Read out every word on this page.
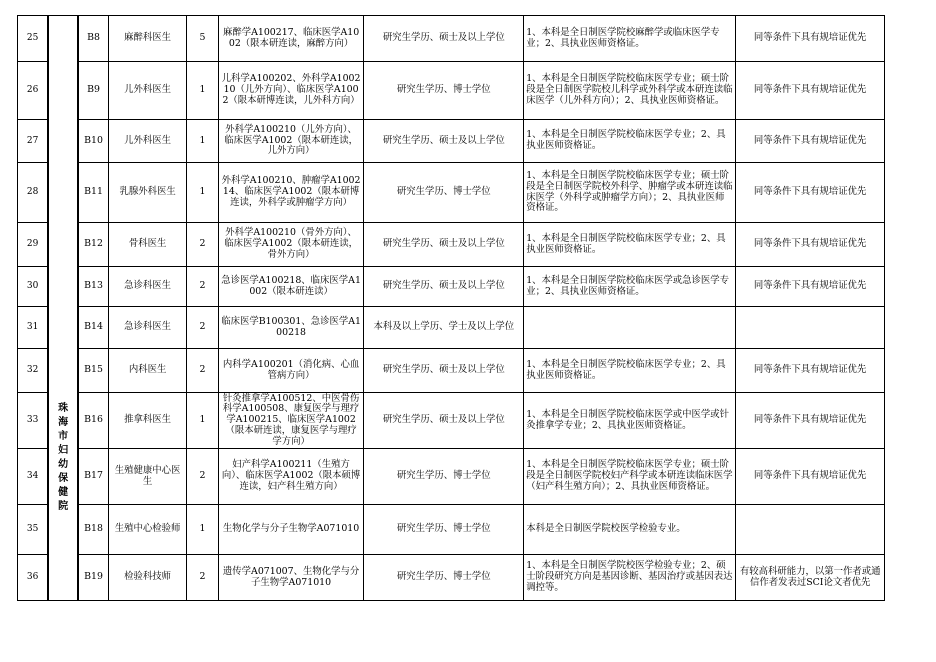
25	珠海市妇幼保健院	B8	麻醉科医生	5	麻醉学A100217、临床医学A1002（限本研连读，麻醉方向）	研究生学历、硕士及以上学位	1、本科是全日制医学院校麻醉学或临床医学专业；2、具执业医师资格证。	同等条件下具有规培证优先
26		B9	儿外科医生	1	儿科学A100202、外科学A100210（儿外方向）、临床医学A1002（限本研博连读，儿外科方向）	研究生学历、博士学位	1、本科是全日制医学院校临床医学专业；硕士阶段是全日制医学院校儿科学或外科学或本研连读临床医学（儿外科方向）；2、具执业医师资格证。	同等条件下具有规培证优先
27		B10	儿外科医生	1	外科学A100210（儿外方向）、临床医学A1002（限本研连读，儿外方向）	研究生学历、硕士及以上学位	1、本科是全日制医学院校临床医学专业；2、具执业医师资格证。	同等条件下具有规培证优先
28		B11	乳腺外科医生	1	外科学A100210、肿瘤学A100214、临床医学A1002（限本研博连读，外科学或肿瘤学方向）	研究生学历、博士学位	1、本科是全日制医学院校临床医学专业；硕士阶段是全日制医学院校外科学、肿瘤学或本研连读临床医学（外科学或肿瘤学方向）；2、具执业医师资格证。	同等条件下具有规培证优先
29		B12	骨科医生	2	外科学A100210（骨外方向）、临床医学A1002（限本研连读，骨外方向）	研究生学历、硕士及以上学位	1、本科是全日制医学院校临床医学专业；2、具执业医师资格证。	同等条件下具有规培证优先
30		B13	急诊科医生	2	急诊医学A100218、临床医学A1002（限本研连读）	研究生学历、硕士及以上学位	1、本科是全日制医学院校临床医学或急诊医学专业；2、具执业医师资格证。	同等条件下具有规培证优先
31		B14	急诊科医生	2	临床医学B100301、急诊医学A100218	本科及以上学历、学士及以上学位		
32		B15	内科医生	2	内科学A100201（消化病、心血管病方向）	研究生学历、硕士及以上学位	1、本科是全日制医学院校临床医学专业；2、具执业医师资格证。	同等条件下具有规培证优先
33		B16	推拿科医生	1	针灸推拿学A100512、中医骨伤科学A100508、康复医学与理疗学A100215、临床医学A1002（限本研连读，康复医学与理疗学方向）	研究生学历、硕士及以上学位	1、本科是全日制医学院校临床医学或中医学或针灸推拿学专业；2、具执业医师资格证。	同等条件下具有规培证优先
34		B17	生殖健康中心医生	2	妇产科学A100211（生殖方向）、临床医学A1002（限本硕博连读，妇产科生殖方向）	研究生学历、博士学位	1、本科是全日制医学院校临床医学专业；硕士阶段是全日制医学院校妇产科学或本研连读临床医学（妇产科生殖方向）；2、具执业医师资格证。	同等条件下具有规培证优先
35		B18	生殖中心检验师	1	生物化学与分子生物学A071010	研究生学历、博士学位	本科是全日制医学院校医学检验专业。	
36		B19	检验科技师	2	遗传学A071007、生物化学与分子生物学A071010	研究生学历、博士学位	1、本科是全日制医学院校医学检验专业；2、硕士阶段研究方向是基因诊断、基因治疗或基因表达调控等。	有较高科研能力，以第一作者或通信作者发表过SCI论文者优先
